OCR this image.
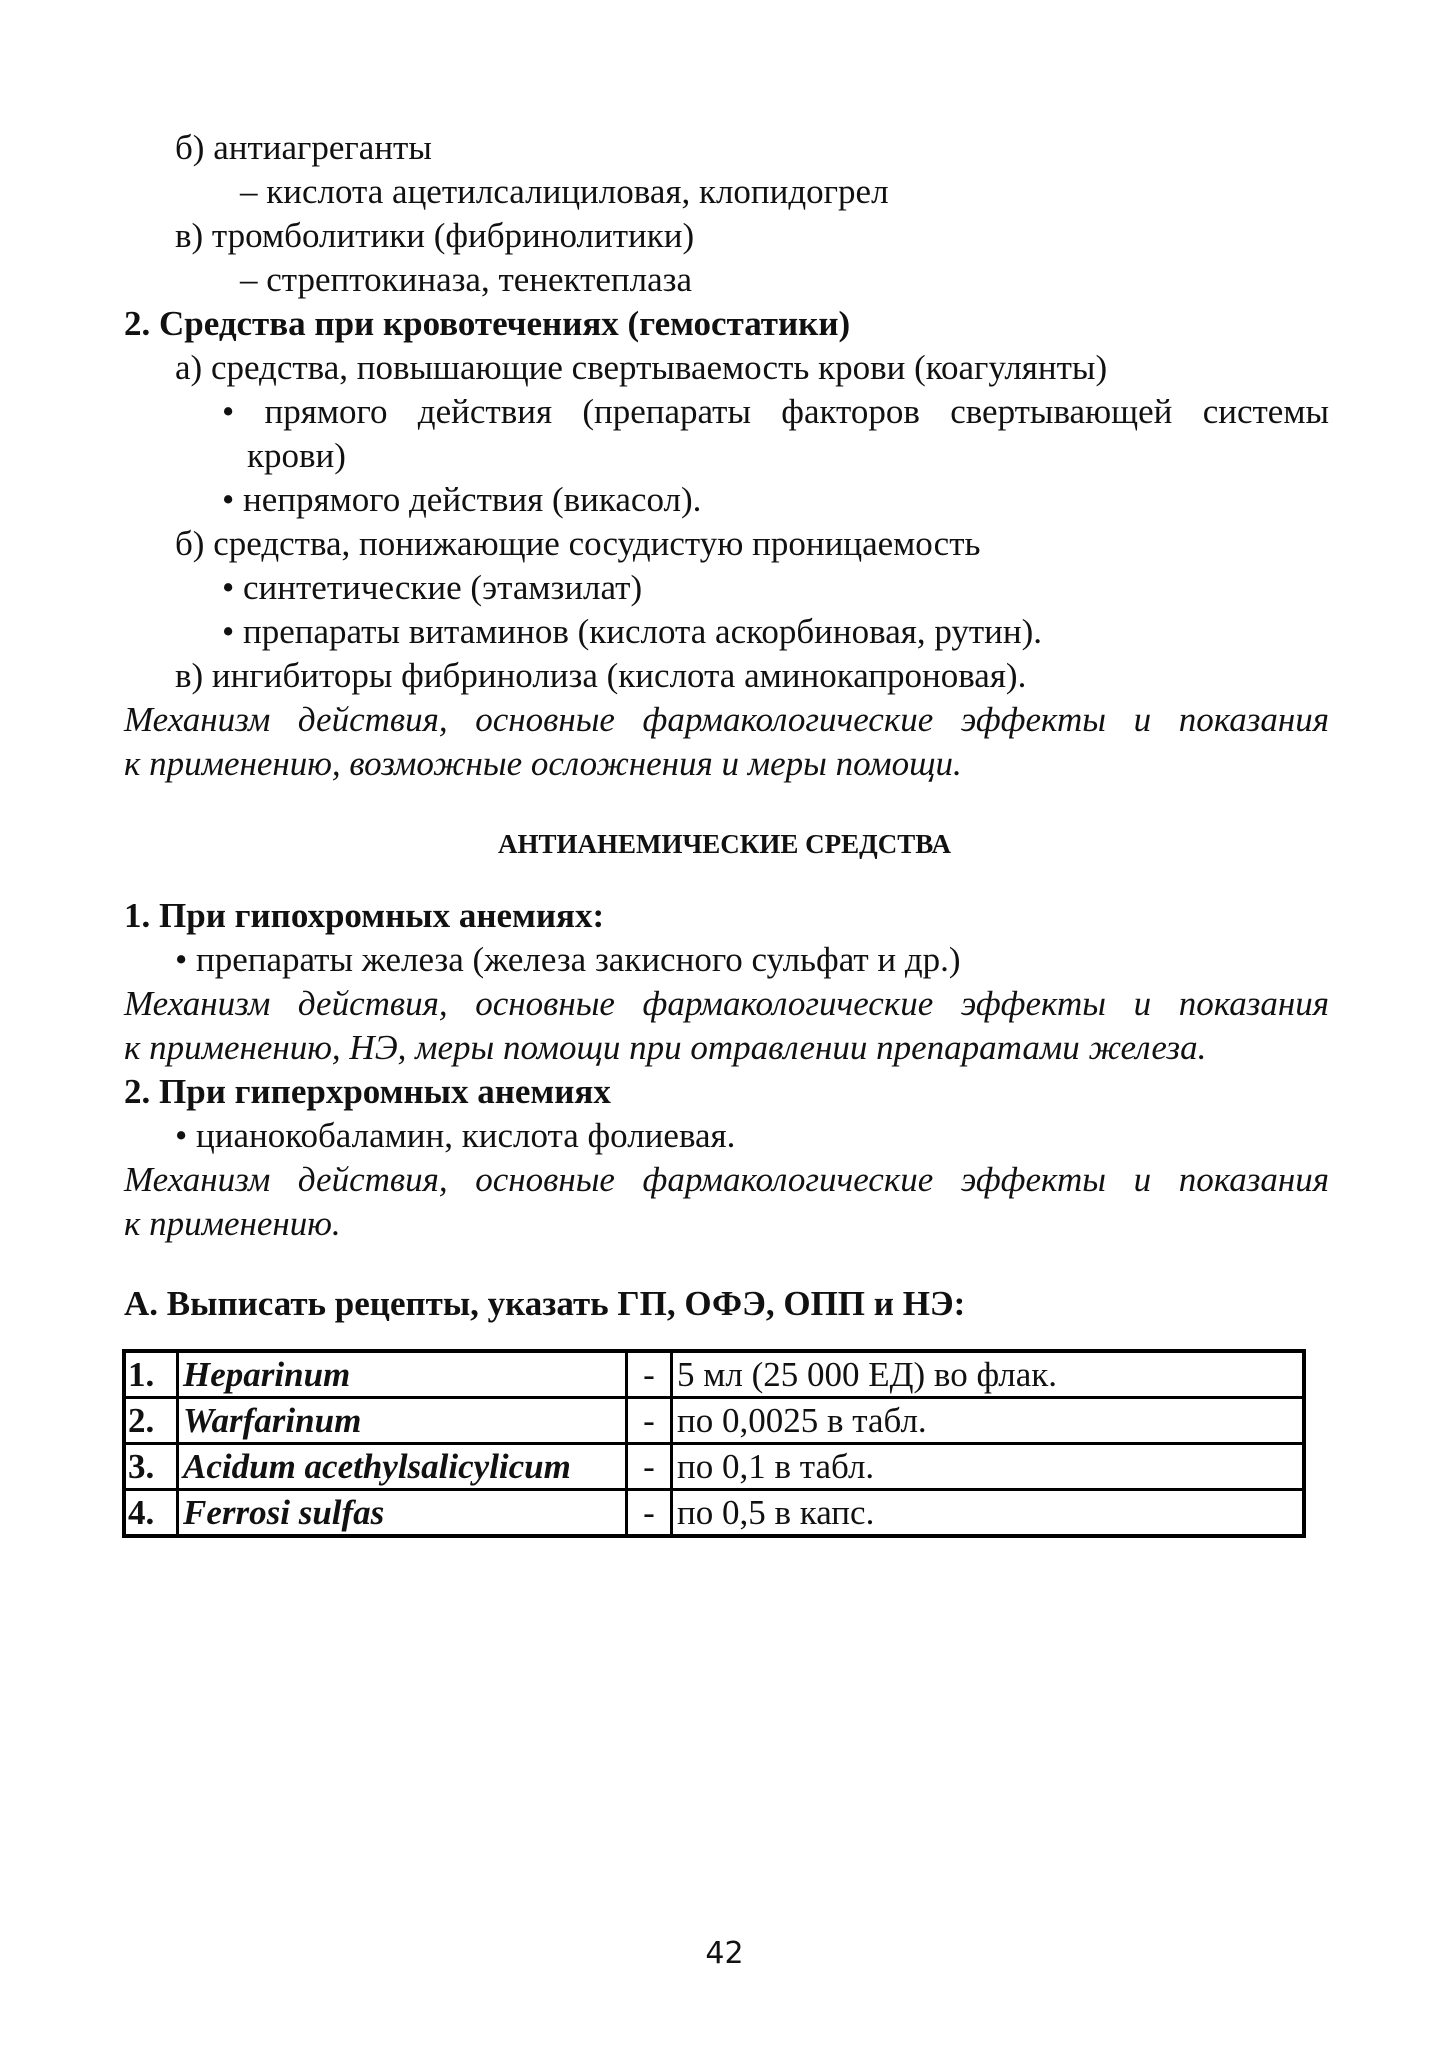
б) антиагреганты
– кислота ацетилсалициловая, клопидогрел
в) тромболитики (фибринолитики)
– стрептокиназа, тенектеплаза
2. Средства при кровотечениях (гемостатики)
а) средства, повышающие свертываемость крови (коагулянты)
• прямого действия (препараты факторов свертывающей системы
крови)
• непрямого действия (викасол).
б) средства, понижающие сосудистую проницаемость
• синтетические (этамзилат)
• препараты витаминов (кислота аскорбиновая, рутин).
в) ингибиторы фибринолиза (кислота аминокапроновая).
Механизм действия, основные фармакологические эффекты и показания
к применению, возможные осложнения и меры помощи.
АНТИАНЕМИЧЕСКИЕ СРЕДСТВА
1. При гипохромных анемиях:
• препараты железа (железа закисного сульфат и др.)
Механизм действия, основные фармакологические эффекты и показания
к применению, НЭ, меры помощи при отравлении препаратами железа.
2. При гиперхромных анемиях
• цианокобаламин, кислота фолиевая.
Механизм действия, основные фармакологические эффекты и показания
к применению.
А. Выписать рецепты, указать ГП, ОФЭ, ОПП и НЭ:
1.	Heparinum	-	5 мл (25 000 ЕД) во флак.
2.	Warfarinum	-	по 0,0025 в табл.
3.	Acidum acethylsalicylicum	-	по 0,1 в табл.
4.	Ferrosi sulfas	-	по 0,5 в капс.
42
